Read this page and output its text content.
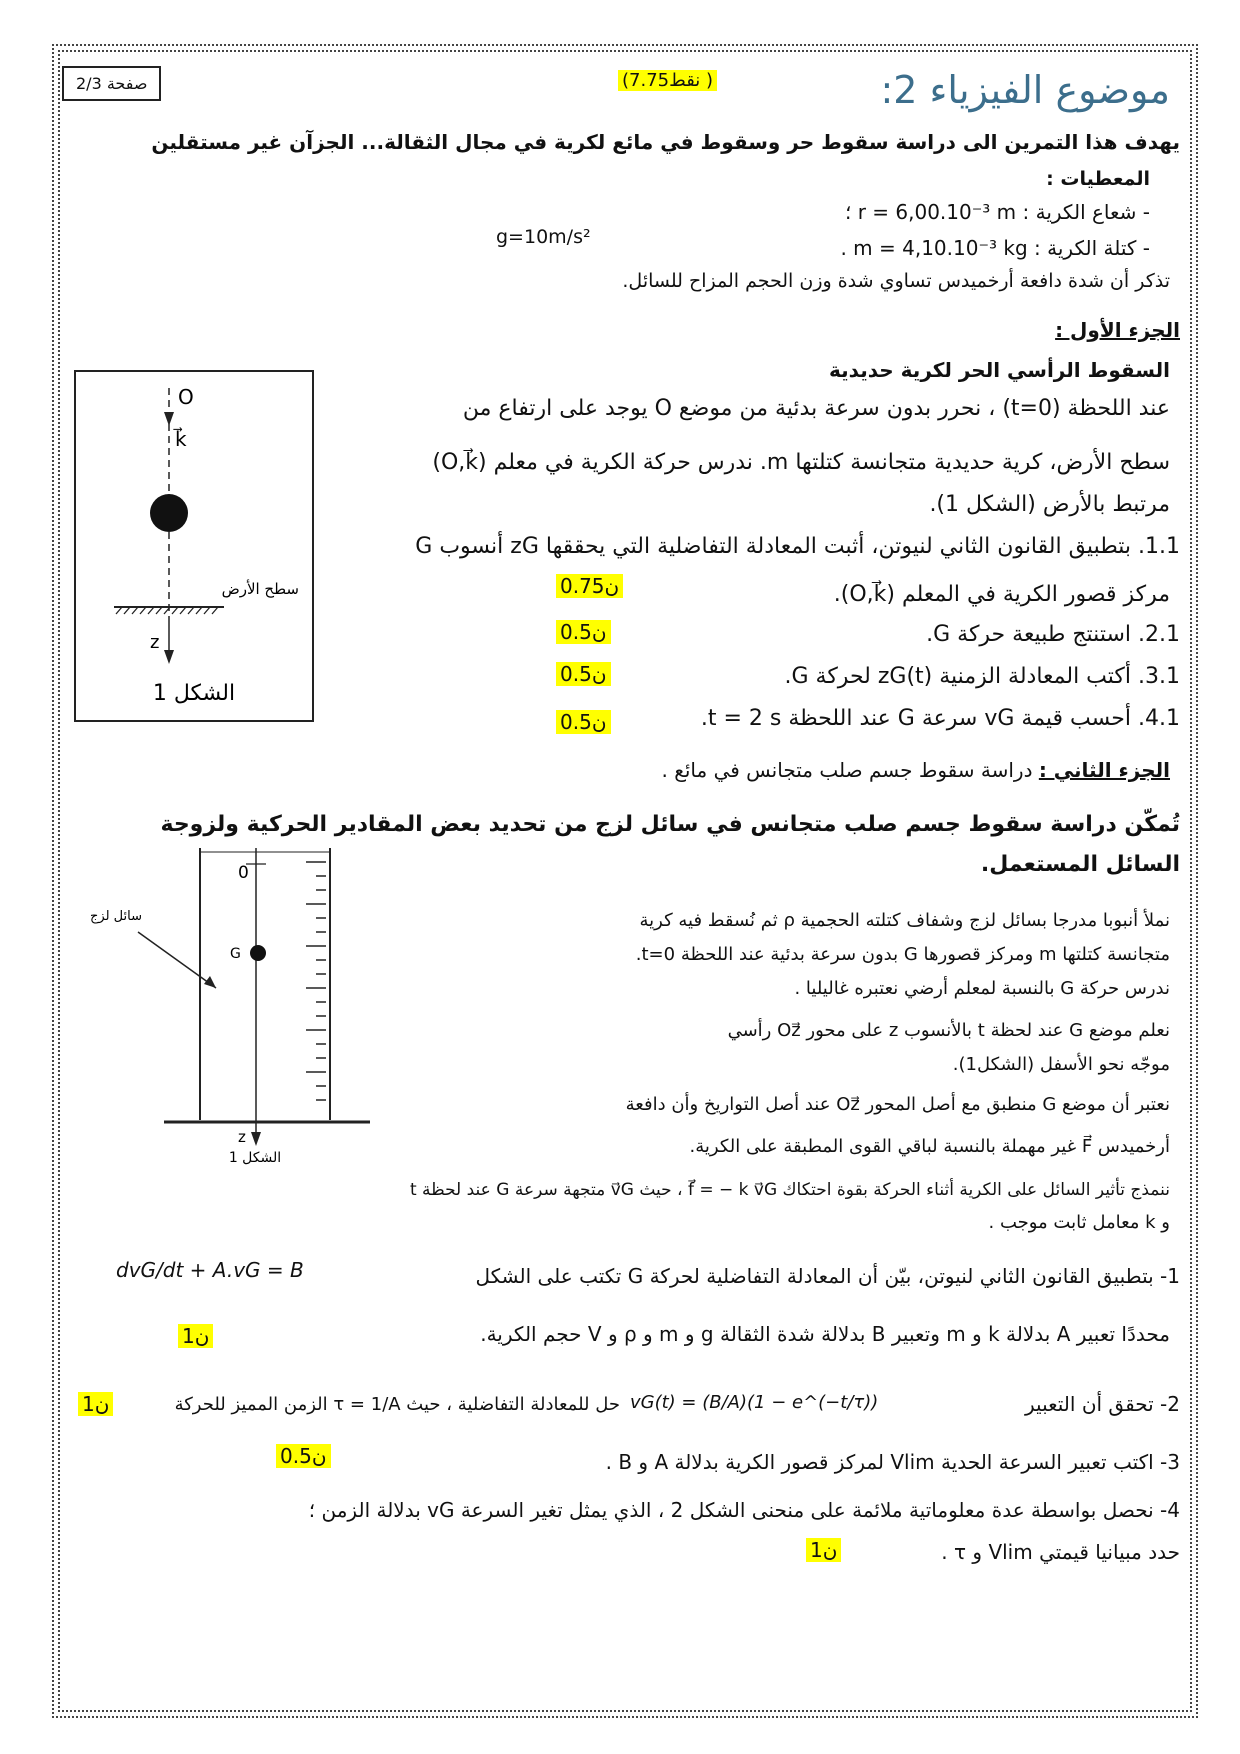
موضوع الفيزياء 2:
(7.75نقط )
صفحة 2/3
يهدف هذا التمرين الى دراسة سقوط حر وسقوط في مائع لكرية في مجال الثقالة... الجزآن غير مستقلين
المعطيات :
- شعاع الكرية : r = 6,00.10⁻³ m ؛
- كتلة الكرية : m = 4,10.10⁻³ kg .
g=10m/s²
تذكر أن شدة دافعة أرخميدس تساوي شدة وزن الحجم المزاح للسائل.
الجزء الأول :
السقوط الرأسي الحر لكرية حديدية
عند اللحظة (t=0) ، نحرر بدون سرعة بدئية من موضع O يوجد على ارتفاع من
سطح الأرض، كرية حديدية متجانسة كتلتها m. ندرس حركة الكرية في معلم (O,k⃗)
مرتبط بالأرض (الشكل 1).
1.1. بتطبيق القانون الثاني لنيوتن، أثبت المعادلة التفاضلية التي يحققها zG أنسوب G
مركز قصور الكرية في المعلم (O,k⃗).
0.75ن
2.1. استنتج طبيعة حركة G.
0.5ن
3.1. أكتب المعادلة الزمنية zG(t) لحركة G.
0.5ن
4.1. أحسب قيمة vG سرعة G عند اللحظة t = 2 s.
0.5ن
O
k⃗
سطح الأرض
z
الشكل 1
الجزء الثاني : دراسة سقوط جسم صلب متجانس في مائع .
تُمكّن دراسة سقوط جسم صلب متجانس في سائل لزج من تحديد بعض المقادير الحركية ولزوجة
السائل المستعمل.
نملأ أنبوبا مدرجا بسائل لزج وشفاف كتلته الحجمية ρ ثم نُسقط فيه كرية
متجانسة كتلتها m ومركز قصورها G بدون سرعة بدئية عند اللحظة t=0.
ندرس حركة G بالنسبة لمعلم أرضي نعتبره غاليليا .
نعلم موضع G عند لحظة t بالأنسوب z على محور Oz⃗ رأسي
موجّه نحو الأسفل (الشكل1).
نعتبر أن موضع G منطبق مع أصل المحور Oz⃗ عند أصل التواريخ وأن دافعة
أرخميدس F⃗ غير مهملة بالنسبة لباقي القوى المطبقة على الكرية.
ننمذج تأثير السائل على الكرية أثناء الحركة بقوة احتكاك f⃗ = − k v⃗G ، حيث v⃗G متجهة سرعة G عند لحظة t
و k معامل ثابت موجب .
0
سائل لزج
G
z
الشكل 1
1- بتطبيق القانون الثاني لنيوتن، بيّن أن المعادلة التفاضلية لحركة G تكتب على الشكل
dvG/dt + A.vG = B
محددًا تعبير A بدلالة k و m وتعبير B بدلالة شدة الثقالة g و m و ρ و V حجم الكرية.
1ن
2- تحقق أن التعبير
vG(t) = (B/A)(1 − e^(−t/τ))
حل للمعادلة التفاضلية ، حيث τ = 1/A الزمن المميز للحركة
1ن
3- اكتب تعبير السرعة الحدية Vlim لمركز قصور الكرية بدلالة A و B .
0.5ن
4- نحصل بواسطة عدة معلوماتية ملائمة على منحنى الشكل 2 ، الذي يمثل تغير السرعة vG بدلالة الزمن ؛
حدد مبيانيا قيمتي Vlim و τ .
1ن
